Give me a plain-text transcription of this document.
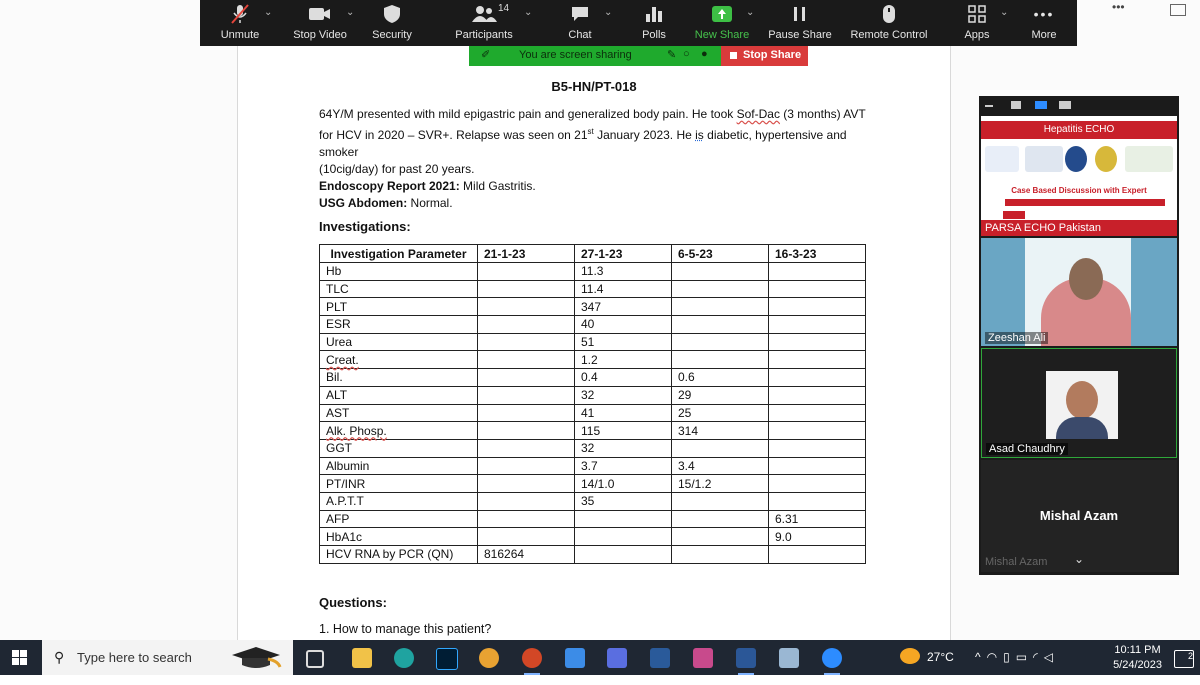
•••
B5-HN/PT-018

64Y/M presented with mild epigastric pain and generalized body pain. He took Sof-Dac (3 months) AVT

for HCV in 2020 – SVR+. Relapse was seen on 21st January 2023. He is diabetic, hypertensive and smoker

(10cig/day) for past 20 years.

Endoscopy Report 2021: Mild Gastritis.

USG Abdomen: Normal.

Investigations:
Investigation Parameter	21-1-23	27-1-23	6-5-23	16-3-23
Hb		11.3		
TLC		11.4		
PLT		347		
ESR		40		
Urea		51		
Creat.		1.2		
Bil.		0.4	0.6	
ALT		32	29	
AST		41	25	
Alk. Phosp.		115	314	
GGT		32		
Albumin		3.7	3.4	
PT/INR		14/1.0	15/1.2	
A.P.T.T		35		
AFP				6.31
HbA1c				9.0
HCV RNA by PCR (QN)	816264			
Questions:
1. How to manage this patient?
Unmute
⌄
Stop Video
⌄
Security
14
Participants
⌄
Chat
⌄
Polls	New Share
⌄
Pause Share Remote Control	Apps
⌄ •••
More
✐	You are screen sharing	✎ ○ ●	Stop Share
Hepatitis ECHO
Case Based Discussion with Expert
PARSA ECHO Pakistan
Zeeshan Ali
Asad Chaudhry
Mishal Azam
Mishal Azam ⌄
⚲ Type here to search	27°C ^◠▯▭◜◁	10:11 PM
5/24/2023
2
